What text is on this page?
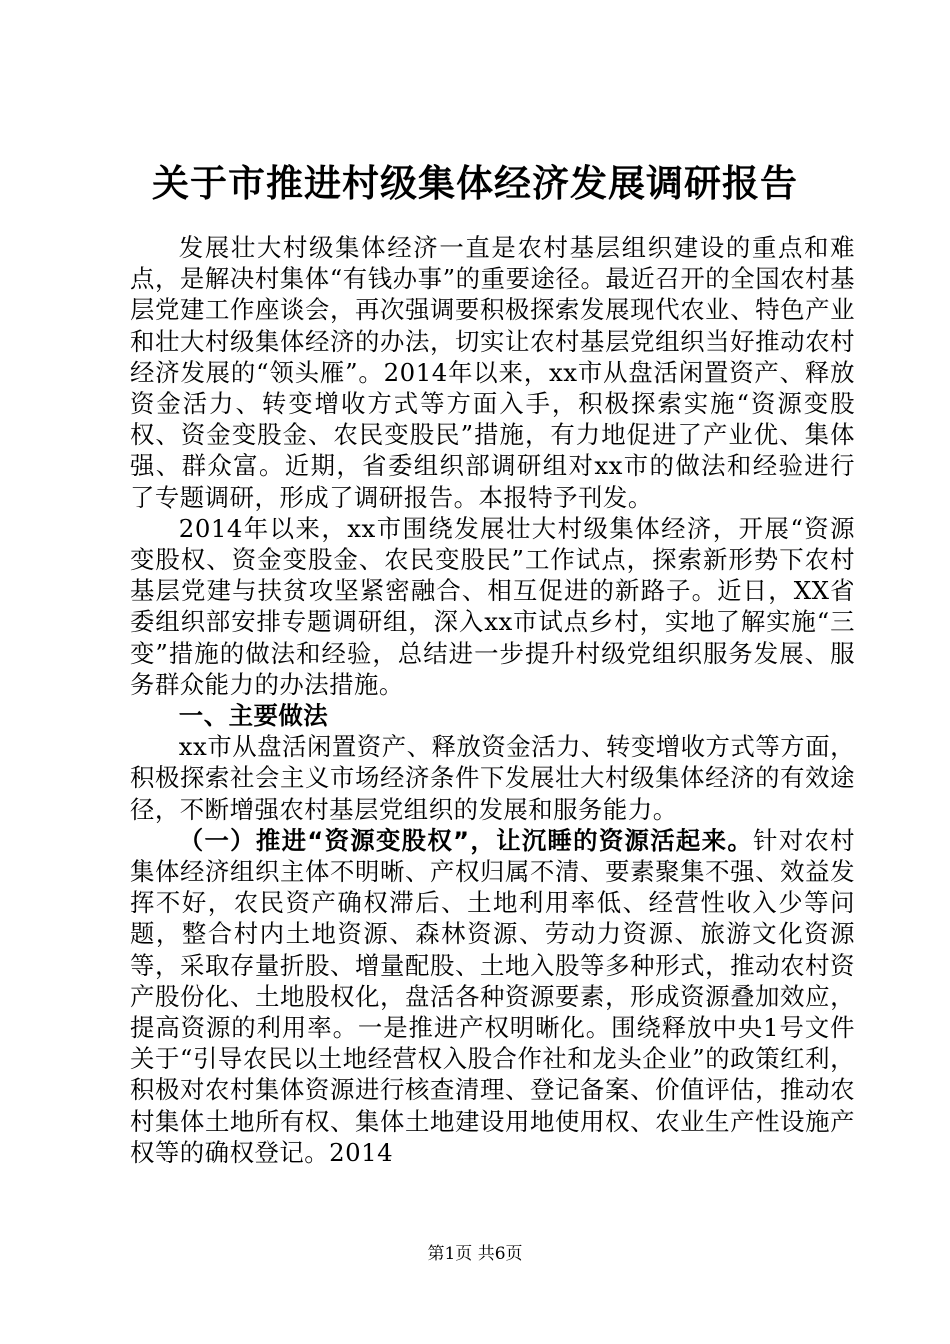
关于市推进村级集体经济发展调研报告

发展壮大村级集体经济一直是农村基层组织建设的重点和难点，是解决村集体“有钱办事”的重要途径。最近召开的全国农村基层党建工作座谈会，再次强调要积极探索发展现代农业、特色产业和壮大村级集体经济的办法，切实让农村基层党组织当好推动农村经济发展的“领头雁”。2014年以来，xx市从盘活闲置资产、释放资金活力、转变增收方式等方面入手，积极探索实施“资源变股权、资金变股金、农民变股民”措施，有力地促进了产业优、集体强、群众富。近期，省委组织部调研组对xx市的做法和经验进行了专题调研，形成了调研报告。本报特予刊发。

2014年以来，xx市围绕发展壮大村级集体经济，开展“资源变股权、资金变股金、农民变股民”工作试点，探索新形势下农村基层党建与扶贫攻坚紧密融合、相互促进的新路子。近日，XX省委组织部安排专题调研组，深入xx市试点乡村，实地了解实施“三变”措施的做法和经验，总结进一步提升村级党组织服务发展、服务群众能力的办法措施。

一、主要做法

xx市从盘活闲置资产、释放资金活力、转变增收方式等方面，积极探索社会主义市场经济条件下发展壮大村级集体经济的有效途径，不断增强农村基层党组织的发展和服务能力。

（一）推进“资源变股权”，让沉睡的资源活起来。针对农村集体经济组织主体不明晰、产权归属不清、要素聚集不强、效益发挥不好，农民资产确权滞后、土地利用率低、经营性收入少等问题，整合村内土地资源、森林资源、劳动力资源、旅游文化资源等，采取存量折股、增量配股、土地入股等多种形式，推动农村资产股份化、土地股权化，盘活各种资源要素，形成资源叠加效应，提高资源的利用率。一是推进产权明晰化。围绕释放中央1号文件关于“引导农民以土地经营权入股合作社和龙头企业”的政策红利，积极对农村集体资源进行核查清理、登记备案、价值评估，推动农村集体土地所有权、集体土地建设用地使用权、农业生产性设施产权等的确权登记。2014

第1页 共6页
